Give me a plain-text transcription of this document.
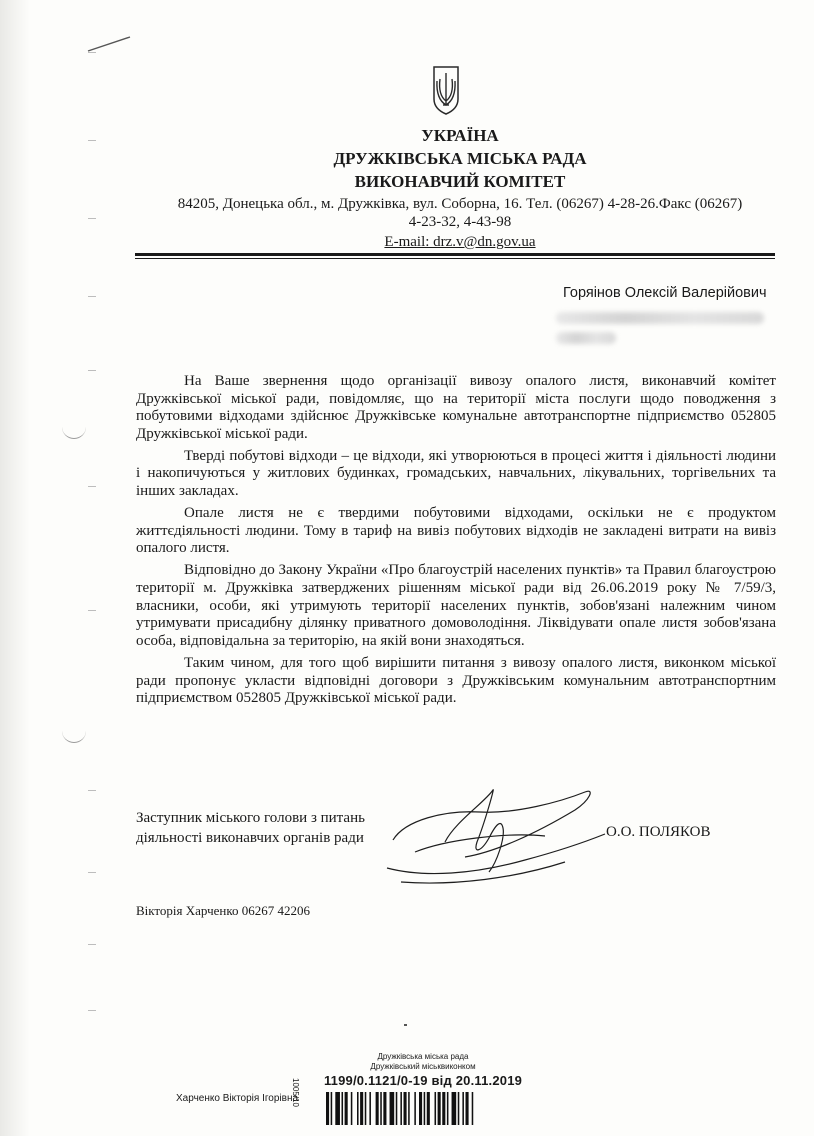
УКРАЇНА
ДРУЖКІВСЬКА МІСЬКА РАДА
ВИКОНАВЧИЙ КОМІТЕТ
84205, Донецька обл., м. Дружківка, вул. Соборна, 16. Тел. (06267) 4-28-26.Факс (06267)
4-23-32, 4-43-98
E-mail: drz.v@dn.gov.ua
Горяінов Олексій Валерійович

На Ваше звернення щодо організації вивозу опалого листя, виконавчий комітет Дружківської міської ради, повідомляє, що на території міста послуги щодо поводження з побутовими відходами здійснює Дружківське комунальне автотранспортне підприємство 052805 Дружківської міської ради.

Тверді побутові відходи – це відходи, які утворюються в процесі життя і діяльності людини і накопичуються у житлових будинках, громадських, навчальних, лікувальних, торгівельних та інших закладах.

Опале листя не є твердими побутовими відходами, оскільки не є продуктом життєдіяльності людини. Тому в тариф на вивіз побутових відходів не закладені витрати на вивіз опалого листя.

Відповідно до Закону України «Про благоустрій населених пунктів» та Правил благоустрою території м. Дружківка затверджених рішенням міської ради від 26.06.2019 року № 7/59/3, власники, особи, які утримують території населених пунктів, зобов'язані належним чином утримувати присадибну ділянку приватного домоволодіння. Ліквідувати опале листя зобов'язана особа, відповідальна за територію, на якій вони знаходяться.

Таким чином, для того щоб вирішити питання з вивозу опалого листя, виконком міської ради пропонує укласти відповідні договори з Дружківським комунальним автотранспортним підприємством 052805 Дружківської міської ради.

Заступник міського голови з питань
діяльності виконавчих органів ради	О.О. ПОЛЯКОВ
Вікторія Харченко 06267 42206
Дружківська міська рада
Дружківський міськвиконком
1199/0.1121/0-19 від 20.11.2019
1005/10
Харченко Вікторія Ігорівна
